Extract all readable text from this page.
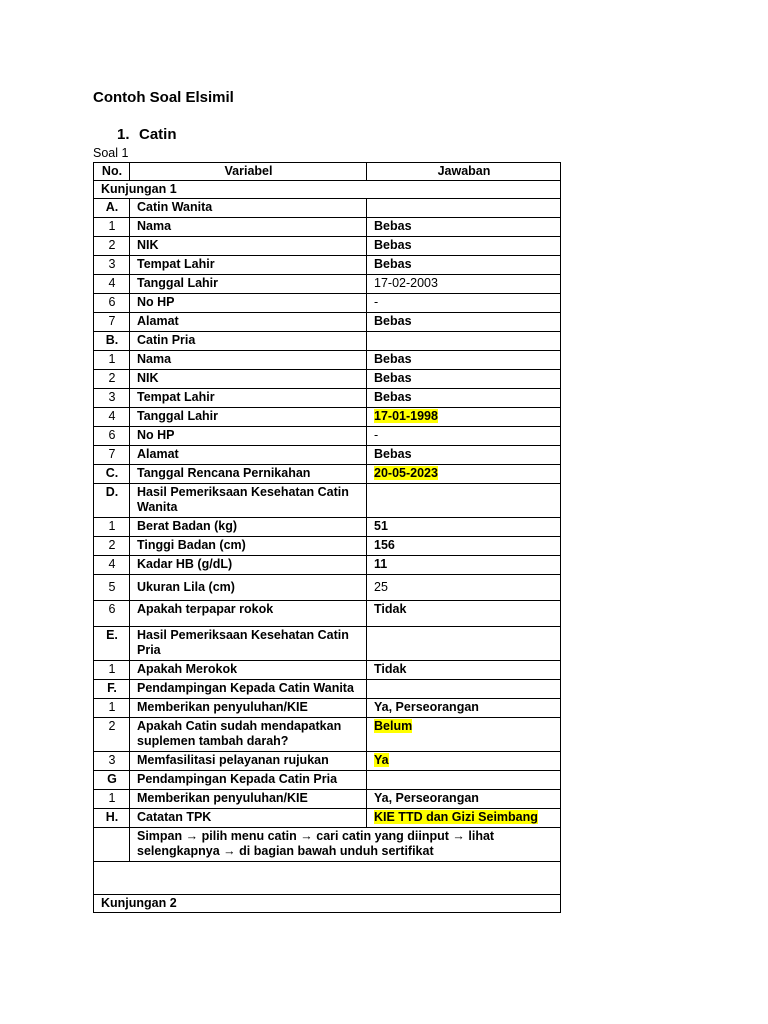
Contoh Soal Elsimil
1. Catin

Soal 1

No.	Variabel	Jawaban
Kunjungan 1		
A.	Catin Wanita	
1	Nama	Bebas
2	NIK	Bebas
3	Tempat Lahir	Bebas
4	Tanggal Lahir	17-02-2003
6	No HP	-
7	Alamat	Bebas
B.	Catin Pria	
1	Nama	Bebas
2	NIK	Bebas
3	Tempat Lahir	Bebas
4	Tanggal Lahir	17-01-1998
6	No HP	-
7	Alamat	Bebas
C.	Tanggal Rencana Pernikahan	20-05-2023
D.	Hasil Pemeriksaan Kesehatan Catin Wanita	
1	Berat Badan (kg)	51
2	Tinggi Badan (cm)	156
4	Kadar HB (g/dL)	11
5	Ukuran Lila (cm)	25
6	Apakah terpapar rokok	Tidak
E.	Hasil Pemeriksaan Kesehatan Catin Pria	
1	Apakah Merokok	Tidak
F.	Pendampingan Kepada Catin Wanita	
1	Memberikan penyuluhan/KIE	Ya, Perseorangan
2	Apakah Catin sudah mendapatkan suplemen tambah darah?	Belum
3	Memfasilitasi pelayanan rujukan	Ya
G	Pendampingan Kepada Catin Pria	
1	Memberikan penyuluhan/KIE	Ya, Perseorangan
H.	Catatan TPK	KIE TTD dan Gizi Seimbang
	Simpan → pilih menu catin → cari catin yang diinput → lihat selengkapnya → di bagian bawah unduh sertifikat	

Kunjungan 2		
